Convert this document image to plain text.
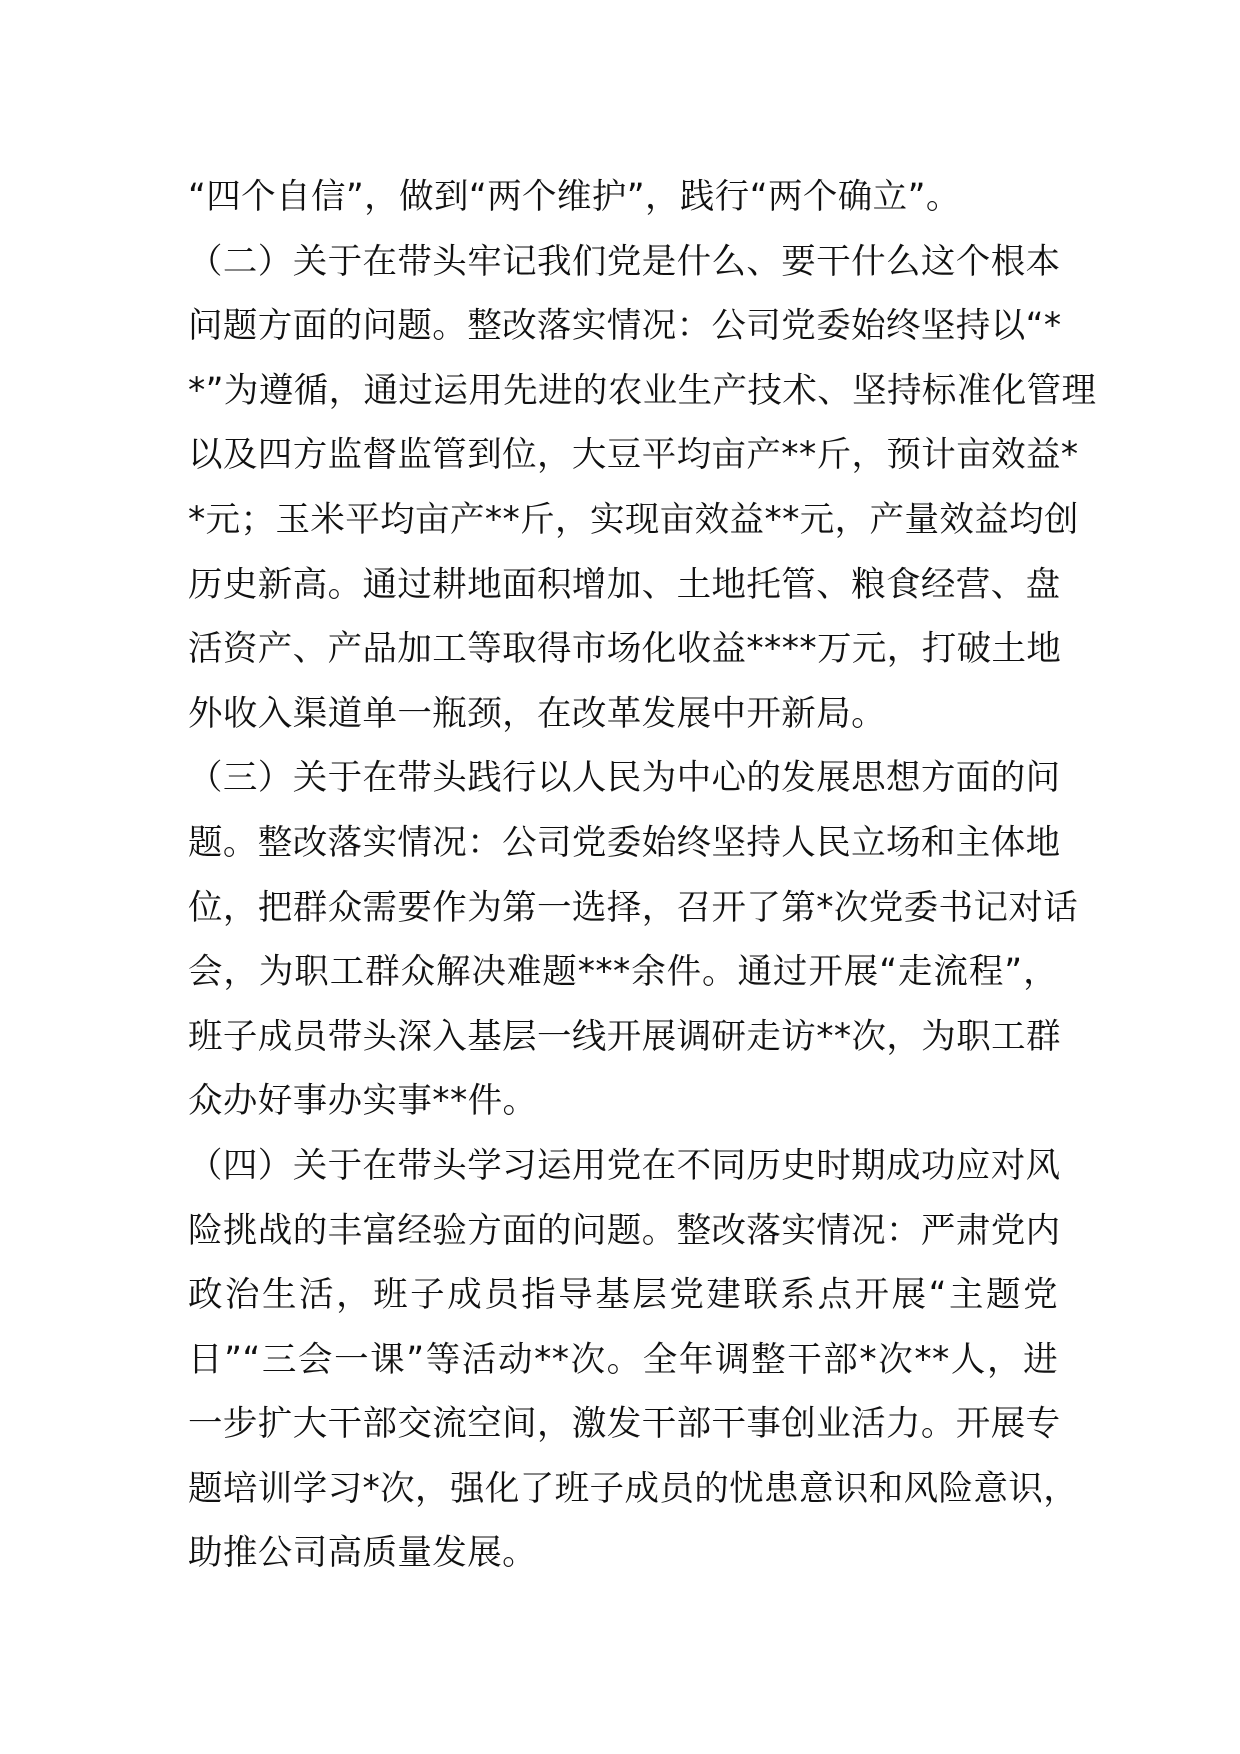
“四个自信”，做到“两个维护”，践行“两个确立”。
（二）关于在带头牢记我们党是什么、要干什么这个根本
问题方面的问题。整改落实情况：公司党委始终坚持以“*
*”为遵循，通过运用先进的农业生产技术、坚持标准化管理
以及四方监督监管到位，大豆平均亩产**斤，预计亩效益*
*元；玉米平均亩产**斤，实现亩效益**元，产量效益均创
历史新高。通过耕地面积增加、土地托管、粮食经营、盘
活资产、产品加工等取得市场化收益****万元，打破土地
外收入渠道单一瓶颈，在改革发展中开新局。
（三）关于在带头践行以人民为中心的发展思想方面的问
题。整改落实情况：公司党委始终坚持人民立场和主体地
位，把群众需要作为第一选择，召开了第*次党委书记对话
会，为职工群众解决难题***余件。通过开展“走流程”，
班子成员带头深入基层一线开展调研走访**次，为职工群
众办好事办实事**件。
（四）关于在带头学习运用党在不同历史时期成功应对风
险挑战的丰富经验方面的问题。整改落实情况：严肃党内
政治生活，班子成员指导基层党建联系点开展“主题党
日”“三会一课”等活动**次。全年调整干部*次**人，进
一步扩大干部交流空间，激发干部干事创业活力。开展专
题培训学习*次，强化了班子成员的忧患意识和风险意识，
助推公司高质量发展。
